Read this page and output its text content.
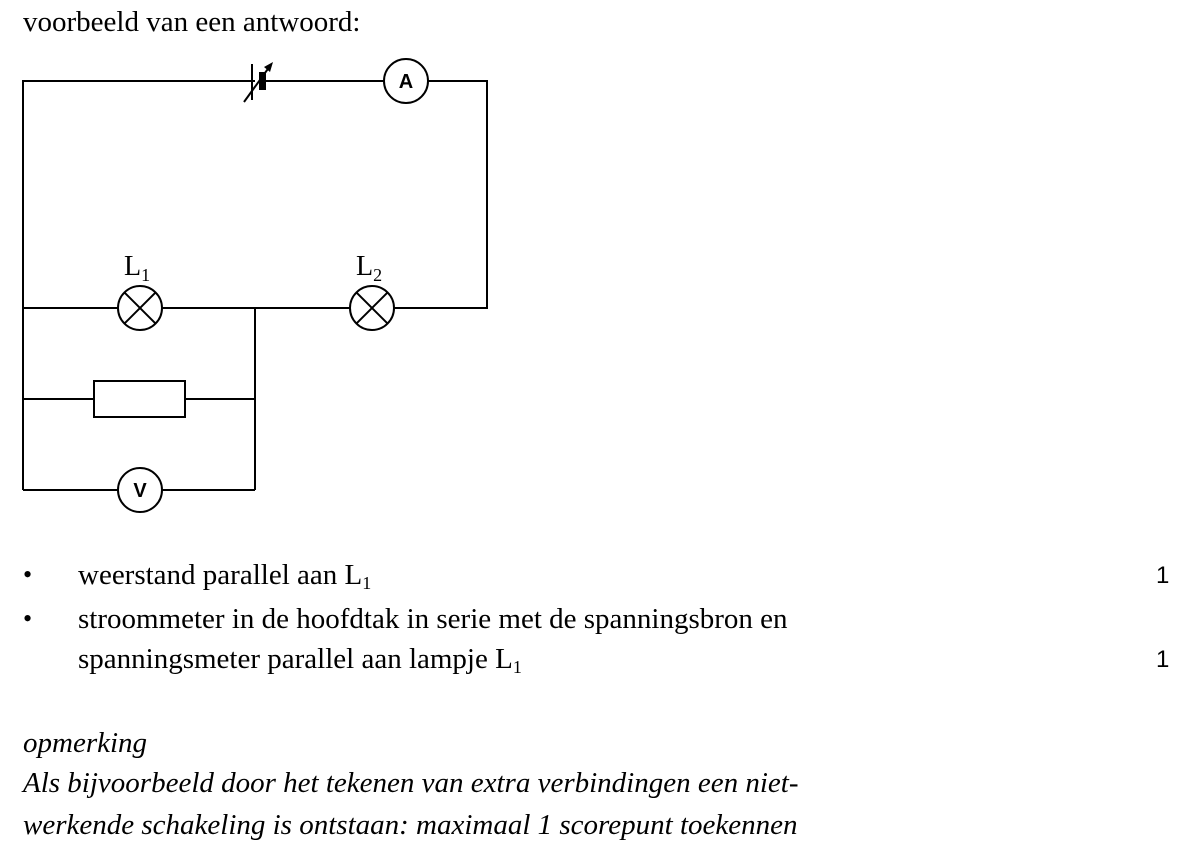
voorbeeld van een antwoord:
A
L1	L2
V
• weerstand parallel aan $L_1$	1
• stroommeter in de hoofdtak in serie met de spanningsbron en
spanningsmeter parallel aan lampje $L_1$	1
opmerking
Als bijvoorbeeld door het tekenen van extra verbindingen een niet-
werkende schakeling is ontstaan: maximaal 1 scorepunt toekennen
